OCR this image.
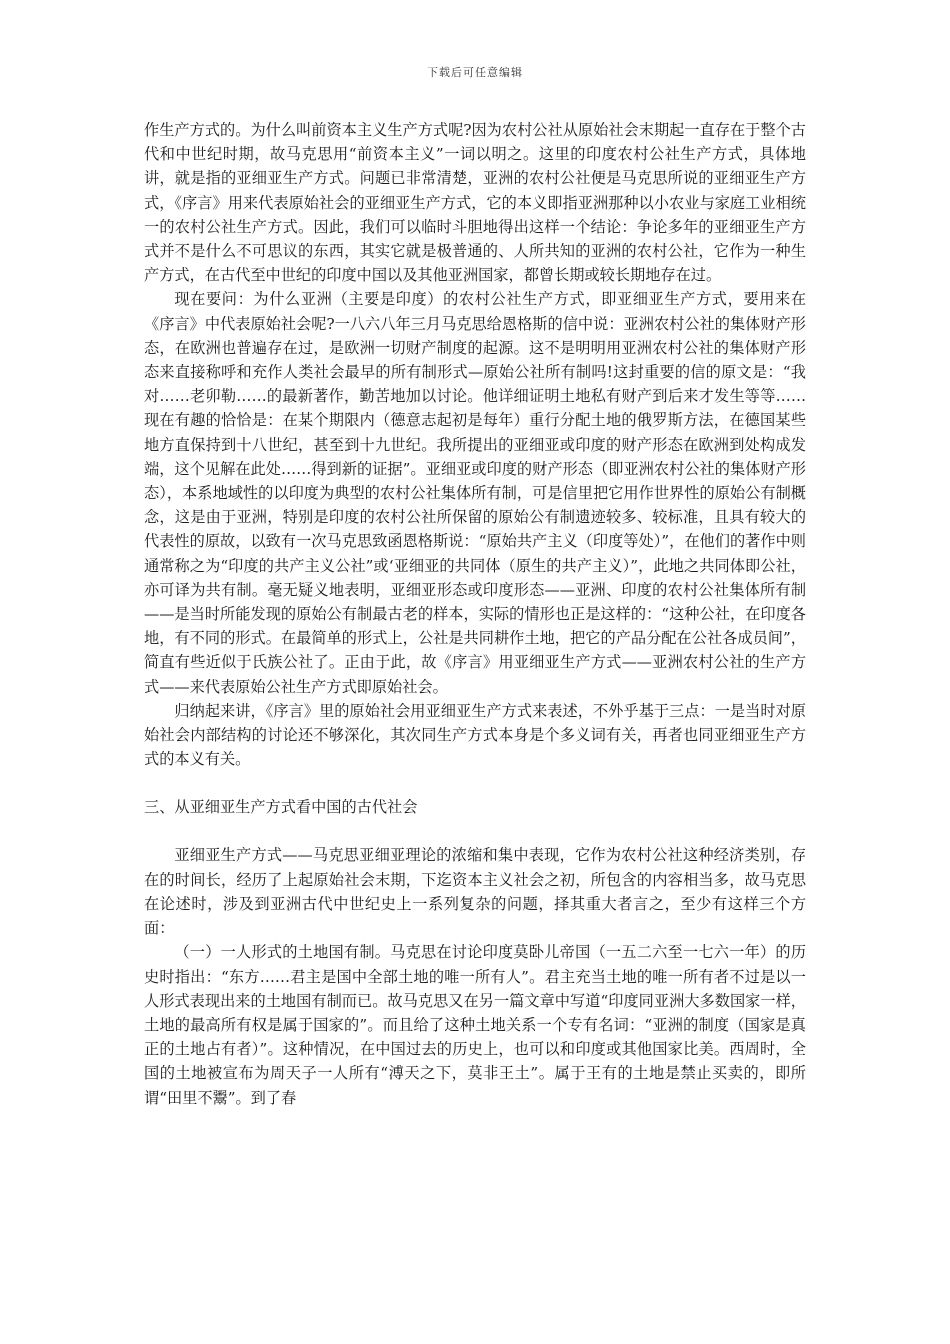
下载后可任意编辑

作生产方式的。为什么叫前资本主义生产方式呢?因为农村公社从原始社会末期起一直存在于整个古代和中世纪时期，故马克思用“前资本主义”一词以明之。这里的印度农村公社生产方式，具体地讲，就是指的亚细亚生产方式。问题已非常清楚，亚洲的农村公社便是马克思所说的亚细亚生产方式，《序言》用来代表原始社会的亚细亚生产方式，它的本义即指亚洲那种以小农业与家庭工业相统一的农村公社生产方式。因此，我们可以临时斗胆地得出这样一个结论：争论多年的亚细亚生产方式并不是什么不可思议的东西，其实它就是极普通的、人所共知的亚洲的农村公社，它作为一种生产方式，在古代至中世纪的印度中国以及其他亚洲国家，都曾长期或较长期地存在过。

现在要问：为什么亚洲（主要是印度）的农村公社生产方式，即亚细亚生产方式，要用来在《序言》中代表原始社会呢?一八六八年三月马克思给恩格斯的信中说：亚洲农村公社的集体财产形态，在欧洲也普遍存在过，是欧洲一切财产制度的起源。这不是明明用亚洲农村公社的集体财产形态来直接称呼和充作人类社会最早的所有制形式—原始公社所有制吗!这封重要的信的原文是：“我对……老卯勒……的最新著作，勤苦地加以讨论。他详细证明土地私有财产到后来才发生等等……现在有趣的恰恰是：在某个期限内（德意志起初是每年）重行分配土地的俄罗斯方法，在德国某些地方直保持到十八世纪，甚至到十九世纪。我所提出的亚细亚或印度的财产形态在欧洲到处构成发端，这个见解在此处……得到新的证据”。亚细亚或印度的财产形态（即亚洲农村公社的集体财产形态），本系地域性的以印度为典型的农村公社集体所有制，可是信里把它用作世界性的原始公有制概念，这是由于亚洲，特别是印度的农村公社所保留的原始公有制遗迹较多、较标准，且具有较大的代表性的原故，以致有一次马克思致函恩格斯说：“原始共产主义（印度等处）”，在他们的著作中则通常称之为“印度的共产主义公社”或‘亚细亚的共同体（原生的共产主义）”，此地之共同体即公社，亦可译为共有制。毫无疑义地表明，亚细亚形态或印度形态——亚洲、印度的农村公社集体所有制——是当时所能发现的原始公有制最古老的样本，实际的情形也正是这样的：“这种公社，在印度各地，有不同的形式。在最简单的形式上，公社是共同耕作土地，把它的产品分配在公社各成员间”，简直有些近似于氏族公社了。正由于此，故《序言》用亚细亚生产方式——亚洲农村公社的生产方式——来代表原始公社生产方式即原始社会。

归纳起来讲，《序言》里的原始社会用亚细亚生产方式来表述，不外乎基于三点：一是当时对原始社会内部结构的讨论还不够深化，其次同生产方式本身是个多义词有关，再者也同亚细亚生产方式的本义有关。

三、从亚细亚生产方式看中国的古代社会

亚细亚生产方式——马克思亚细亚理论的浓缩和集中表现，它作为农村公社这种经济类别，存在的时间长，经历了上起原始社会末期，下迄资本主义社会之初，所包含的内容相当多，故马克思在论述时，涉及到亚洲古代中世纪史上一系列复杂的问题，择其重大者言之，至少有这样三个方面：

（一）一人形式的土地国有制。马克思在讨论印度莫卧儿帝国（一五二六至一七六一年）的历史时指出：“东方……君主是国中全部土地的唯一所有人”。君主充当土地的唯一所有者不过是以一人形式表现出来的土地国有制而已。故马克思又在另一篇文章中写道“印度同亚洲大多数国家一样，土地的最高所有权是属于国家的”。而且给了这种土地关系一个专有名词：“亚洲的制度（国家是真正的土地占有者）”。这种情况，在中国过去的历史上，也可以和印度或其他国家比美。西周时，全国的土地被宣布为周天子一人所有“溥天之下，莫非王土”。属于王有的土地是禁止买卖的，即所谓“田里不鬻”。到了春
